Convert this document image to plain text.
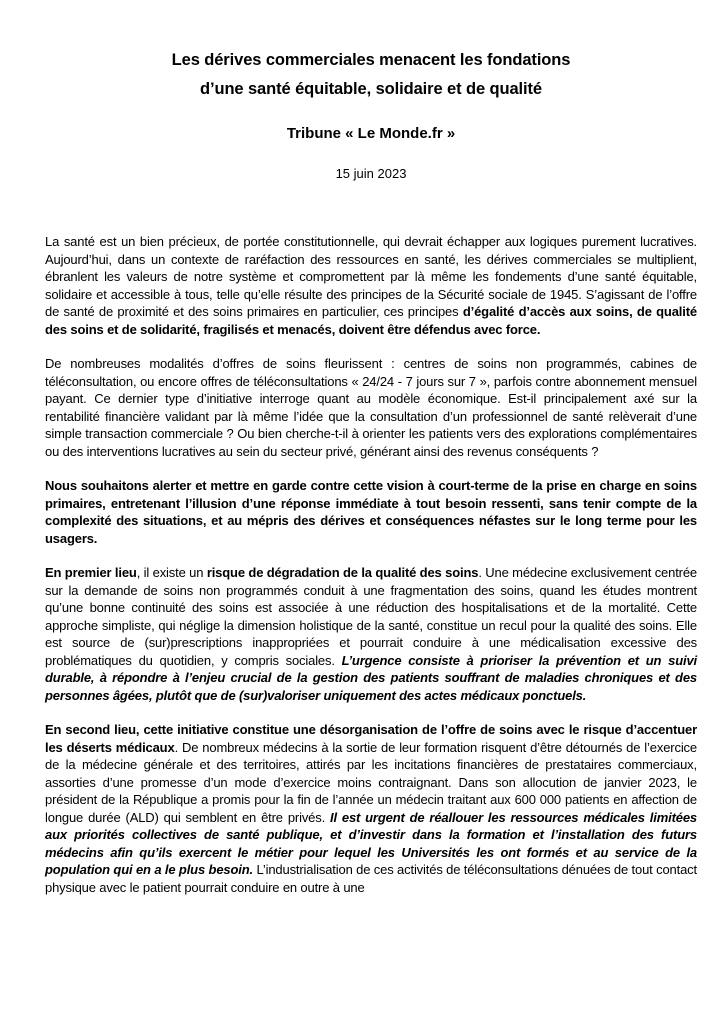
Les dérives commerciales menacent les fondations
d’une santé équitable, solidaire et de qualité
Tribune « Le Monde.fr »
15 juin 2023

La santé est un bien précieux, de portée constitutionnelle, qui devrait échapper aux logiques purement lucratives. Aujourd’hui, dans un contexte de raréfaction des ressources en santé, les dérives commerciales se multiplient, ébranlent les valeurs de notre système et compromettent par là même les fondements d’une santé équitable, solidaire et accessible à tous, telle qu’elle résulte des principes de la Sécurité sociale de 1945. S’agissant de l’offre de santé de proximité et des soins primaires en particulier, ces principes d’égalité d’accès aux soins, de qualité des soins et de solidarité, fragilisés et menacés, doivent être défendus avec force.

De nombreuses modalités d’offres de soins fleurissent : centres de soins non programmés, cabines de téléconsultation, ou encore offres de téléconsultations « 24/24 - 7 jours sur 7 », parfois contre abonnement mensuel payant. Ce dernier type d’initiative interroge quant au modèle économique. Est-il principalement axé sur la rentabilité financière validant par là même l’idée que la consultation d’un professionnel de santé relèverait d’une simple transaction commerciale ? Ou bien cherche-t-il à orienter les patients vers des explorations complémentaires ou des interventions lucratives au sein du secteur privé, générant ainsi des revenus conséquents ?

Nous souhaitons alerter et mettre en garde contre cette vision à court-terme de la prise en charge en soins primaires, entretenant l’illusion d’une réponse immédiate à tout besoin ressenti, sans tenir compte de la complexité des situations, et au mépris des dérives et conséquences néfastes sur le long terme pour les usagers.

En premier lieu, il existe un risque de dégradation de la qualité des soins. Une médecine exclusivement centrée sur la demande de soins non programmés conduit à une fragmentation des soins, quand les études montrent qu’une bonne continuité des soins est associée à une réduction des hospitalisations et de la mortalité. Cette approche simpliste, qui néglige la dimension holistique de la santé, constitue un recul pour la qualité des soins. Elle est source de (sur)prescriptions inappropriées et pourrait conduire à une médicalisation excessive des problématiques du quotidien, y compris sociales. L’urgence consiste à prioriser la prévention et un suivi durable, à répondre à l’enjeu crucial de la gestion des patients souffrant de maladies chroniques et des personnes âgées, plutôt que de (sur)valoriser uniquement des actes médicaux ponctuels.

En second lieu, cette initiative constitue une désorganisation de l’offre de soins avec le risque d’accentuer les déserts médicaux. De nombreux médecins à la sortie de leur formation risquent d’être détournés de l’exercice de la médecine générale et des territoires, attirés par les incitations financières de prestataires commerciaux, assorties d’une promesse d’un mode d’exercice moins contraignant. Dans son allocution de janvier 2023, le président de la République a promis pour la fin de l’année un médecin traitant aux 600 000 patients en affection de longue durée (ALD) qui semblent en être privés. Il est urgent de réallouer les ressources médicales limitées aux priorités collectives de santé publique, et d’investir dans la formation et l’installation des futurs médecins afin qu’ils exercent le métier pour lequel les Universités les ont formés et au service de la population qui en a le plus besoin. L’industrialisation de ces activités de téléconsultations dénuées de tout contact physique avec le patient pourrait conduire en outre à une
